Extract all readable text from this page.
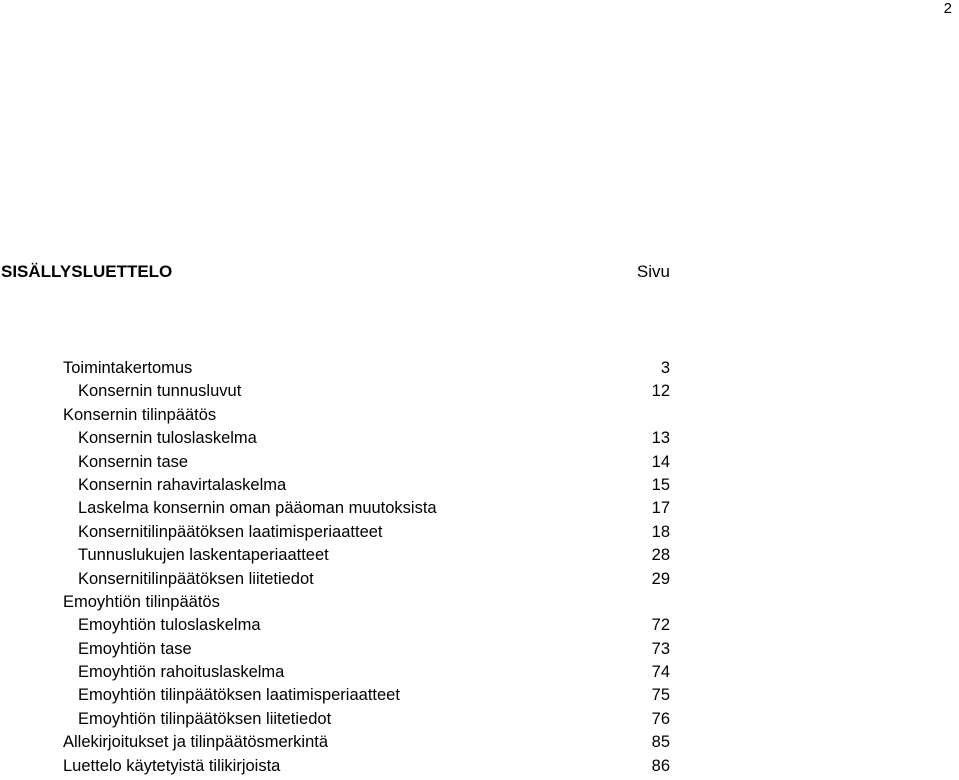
2
SISÄLLYSLUETTELO	Sivu
Toimintakertomus	3
Konsernin tunnusluvut	12
Konsernin tilinpäätös
Konsernin tuloslaskelma	13
Konsernin tase	14
Konsernin rahavirtalaskelma	15
Laskelma konsernin oman pääoman muutoksista	17
Konsernitilinpäätöksen laatimisperiaatteet	18
Tunnuslukujen laskentaperiaatteet	28
Konsernitilinpäätöksen liitetiedot	29
Emoyhtiön tilinpäätös
Emoyhtiön tuloslaskelma	72
Emoyhtiön tase	73
Emoyhtiön rahoituslaskelma	74
Emoyhtiön tilinpäätöksen laatimisperiaatteet	75
Emoyhtiön tilinpäätöksen liitetiedot	76
Allekirjoitukset ja tilinpäätösmerkintä	85
Luettelo käytetyistä tilikirjoista	86
